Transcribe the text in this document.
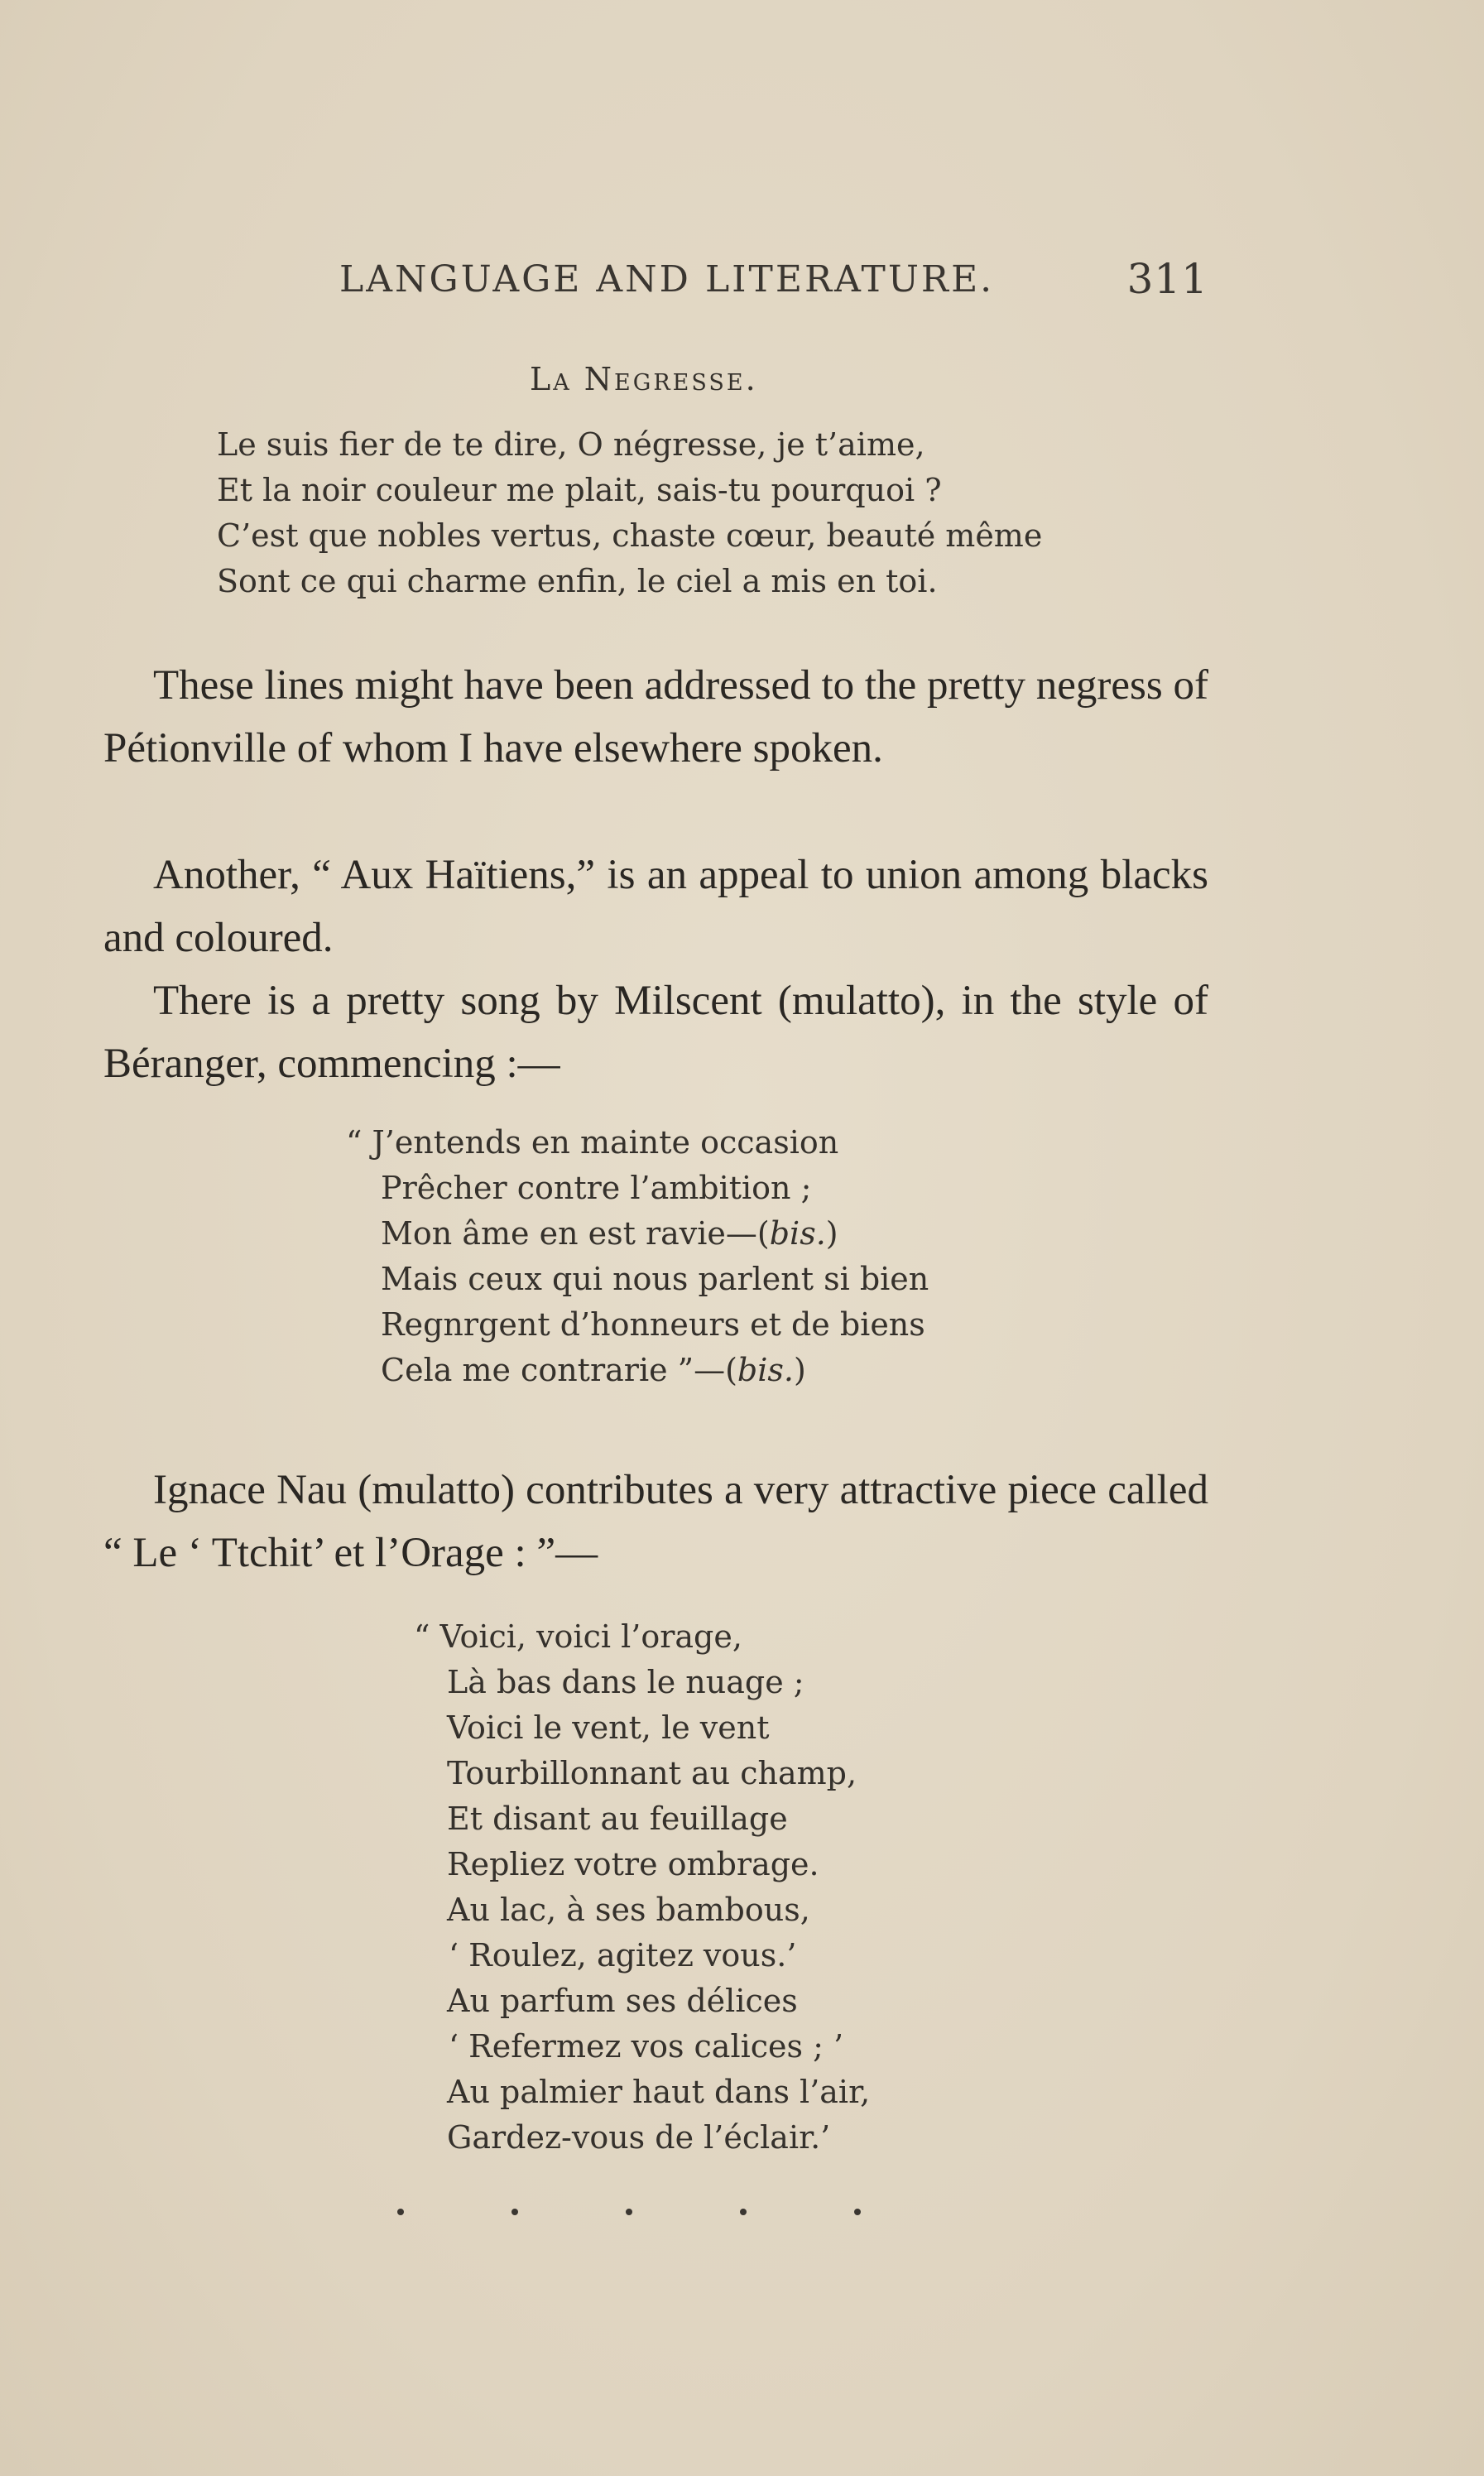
LANGUAGE AND LITERATURE.	311
La Negresse.
Le suis fier de te dire, O négresse, je t’aime,
Et la noir couleur me plait, sais-tu pourquoi ?
C’est que nobles vertus, chaste cœur, beauté même
Sont ce qui charme enfin, le ciel a mis en toi.

These lines might have been addressed to the pretty negress of Pétionville of whom I have elsewhere spoken.

Another, “ Aux Haïtiens,” is an appeal to union among blacks and coloured.

There is a pretty song by Milscent (mulatto), in the style of Béranger, commencing :—

“ J’entends en mainte occasion
Prêcher contre l’ambition ;
Mon âme en est ravie—(bis.)
Mais ceux qui nous parlent si bien
Regnrgent d’honneurs et de biens
Cela me contrarie ”—(bis.)

Ignace Nau (mulatto) contributes a very attractive piece called “ Le ‘ Ttchit’ et l’Orage : ”—

“ Voici, voici l’orage,
Là bas dans le nuage ;
Voici le vent, le vent
Tourbillonnant au champ,
Et disant au feuillage
Repliez votre ombrage.
Au lac, à ses bambous,
‘ Roulez, agitez vous.’
Au parfum ses délices
‘ Refermez vos calices ; ’
Au palmier haut dans l’air,
Gardez-vous de l’éclair.’
